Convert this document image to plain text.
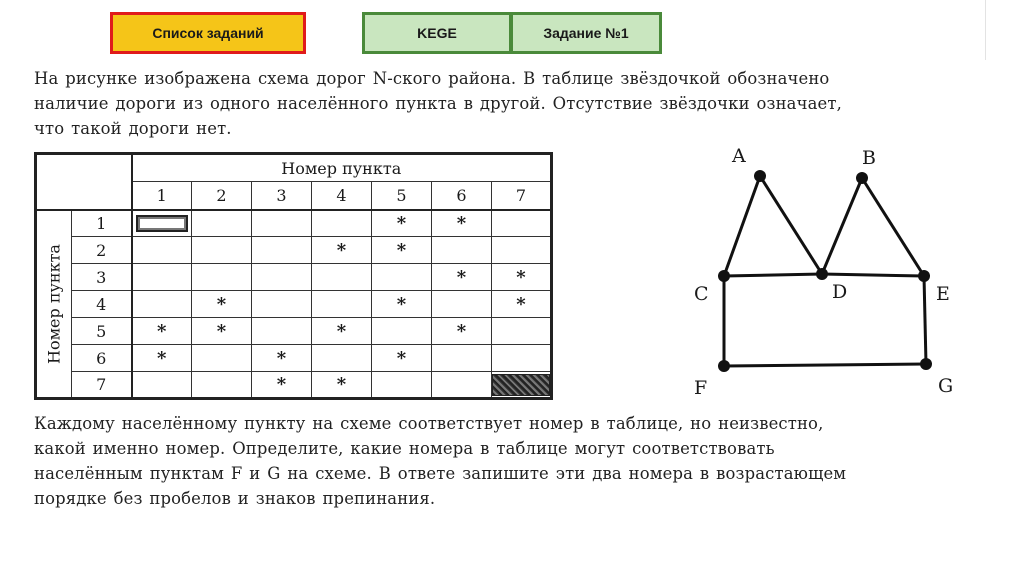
Список заданий	KEGE	Задание №1
На рисунке изображена схема дорог N-ского района. В таблице звёздочкой обозначено
наличие дороги из одного населённого пункта в другой. Отсутствие звёздочки означает,
что такой дороги нет.
		Номер пункта						
		1	2	3	4	5	6	7

Номер пункта	1					*	*	
	2				*	*		
	3						*	*
	4		*			*		*
	5	*	*		*		*	
	6	*		*		*		
	7			*	*			
A	B
C	D	E
F	G
Каждому населённому пункту на схеме соответствует номер в таблице, но неизвестно,
какой именно номер. Определите, какие номера в таблице могут соответствовать
населённым пунктам F и G на схеме. В ответе запишите эти два номера в возрастающем
порядке без пробелов и знаков препинания.
